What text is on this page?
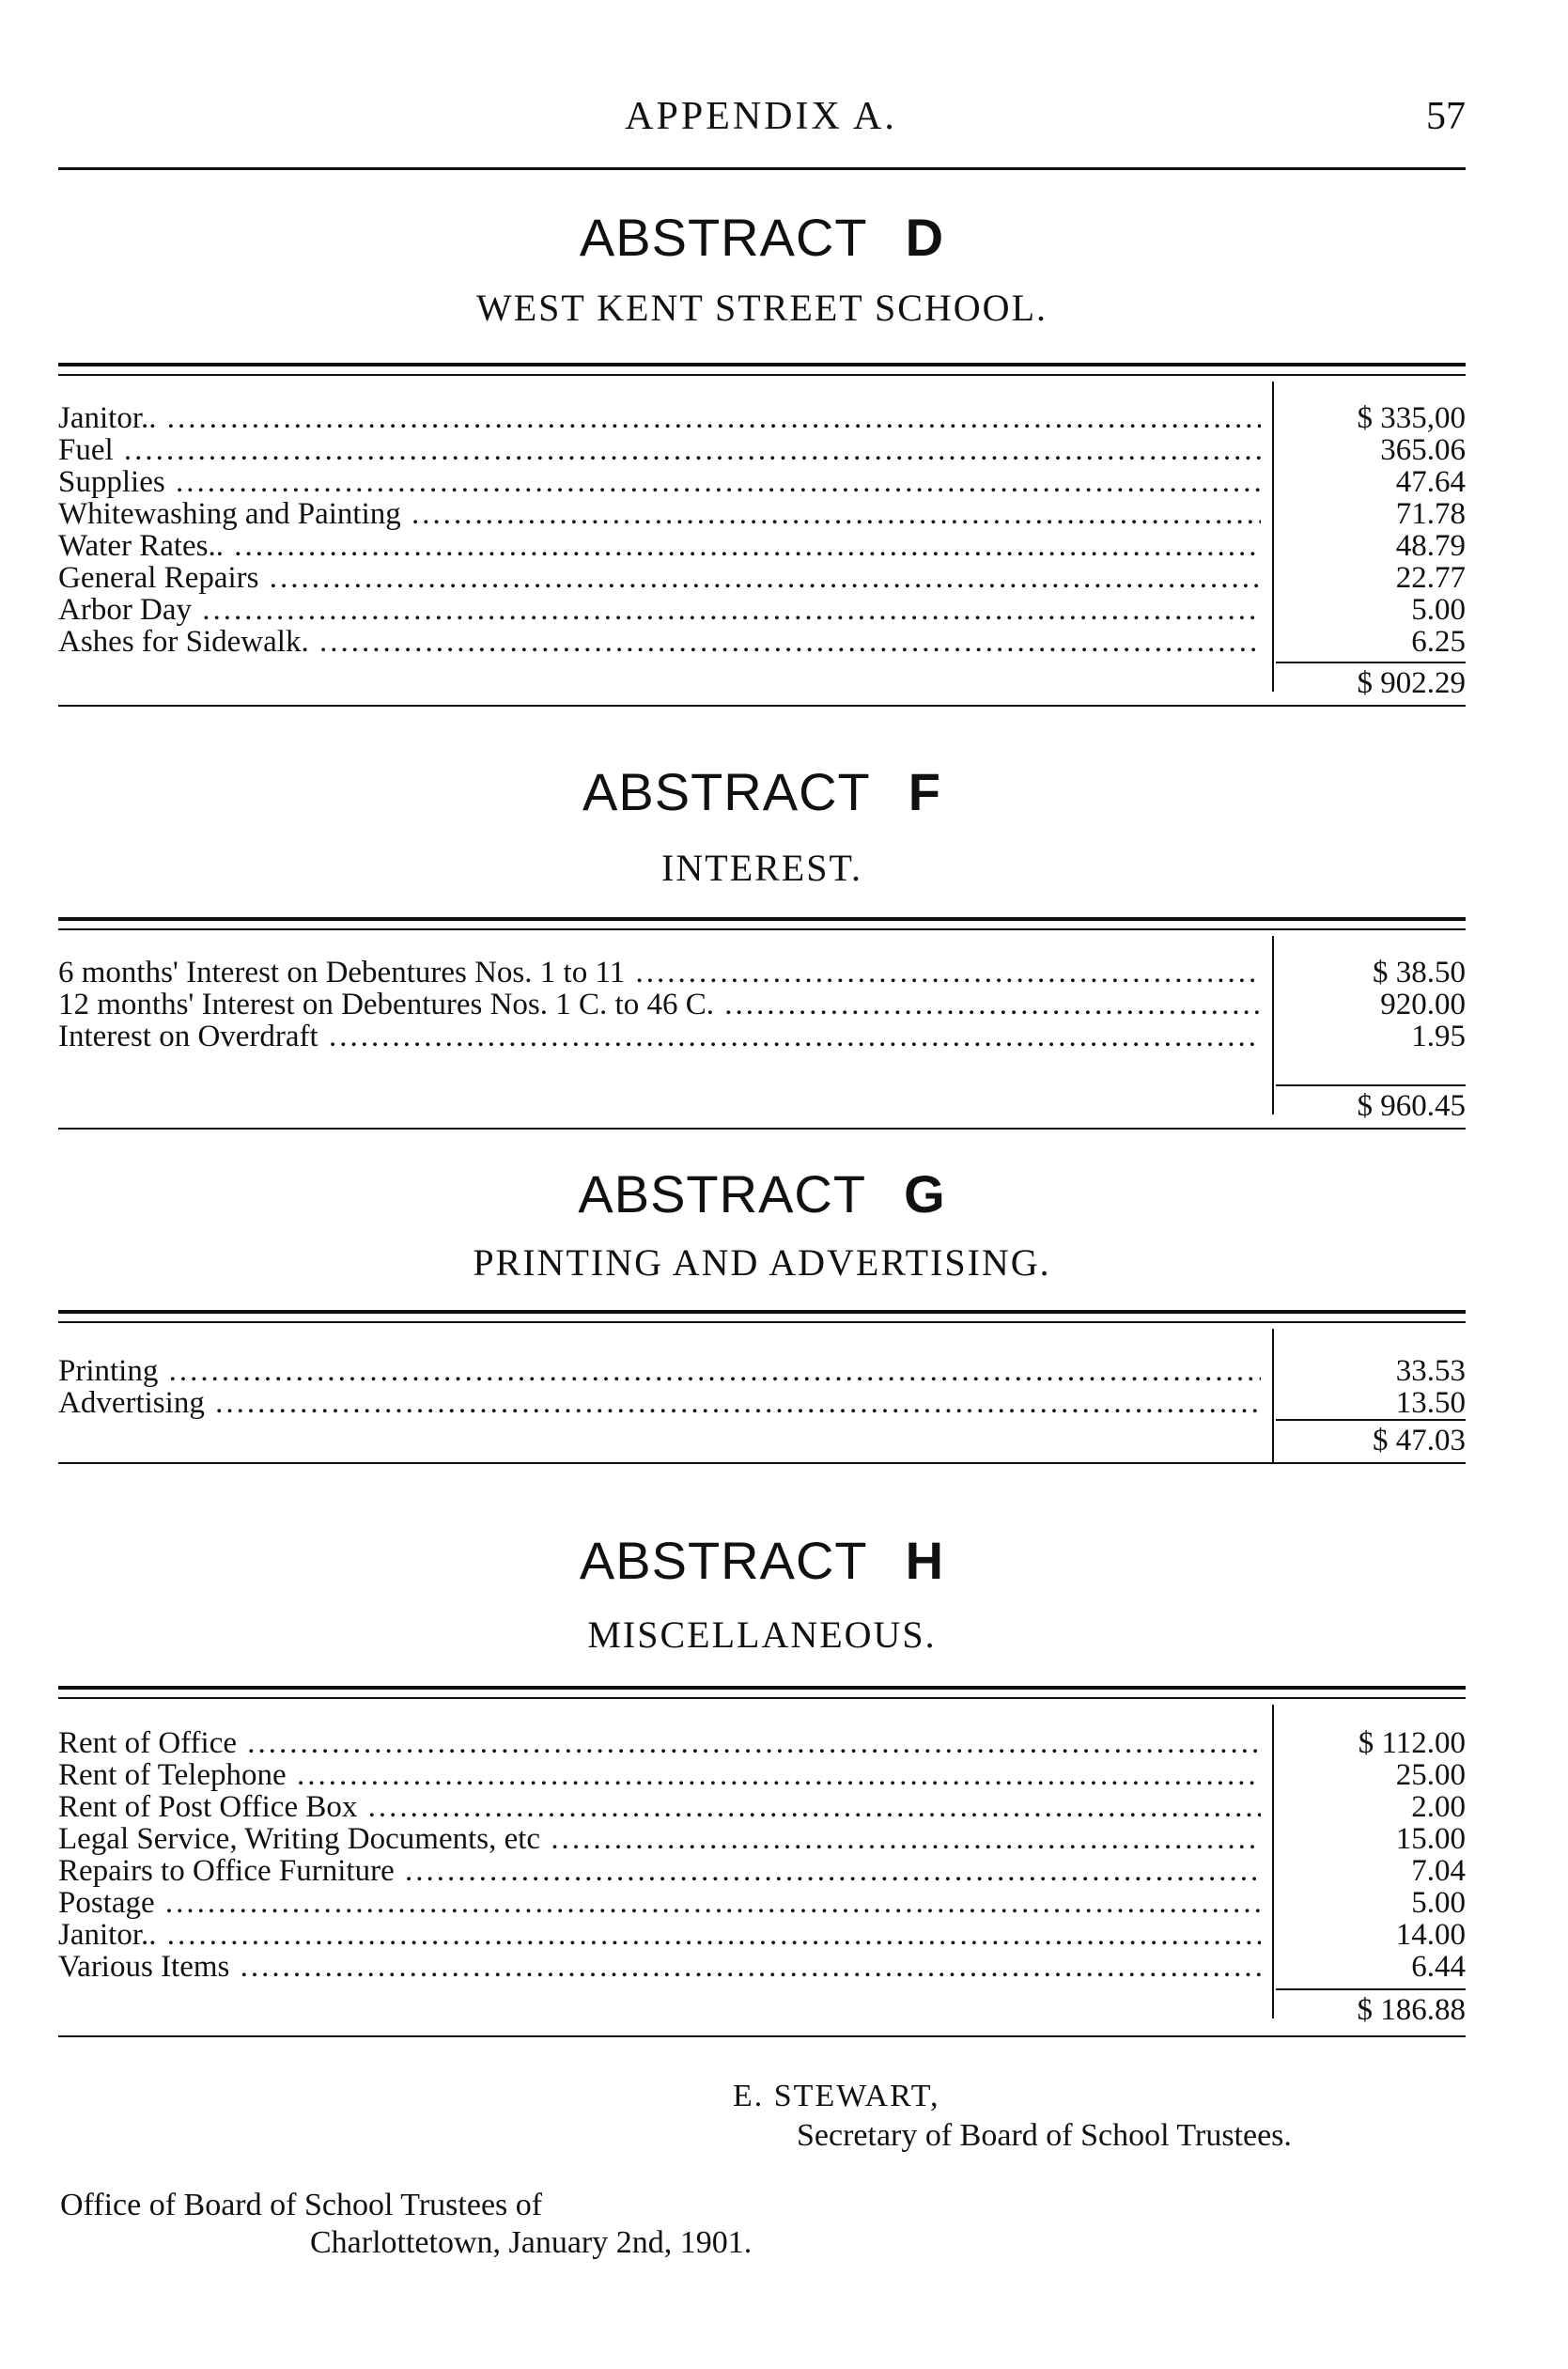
APPENDIX A.	57
ABSTRACT D
WEST KENT STREET SCHOOL.
Janitor.. .....	$ 335,00
Fuel .....	365.06
Supplies .....	47.64
Whitewashing and Painting .....	71.78
Water Rates.. .....	48.79
General Repairs .....	22.77
Arbor Day .....	5.00
Ashes for Sidewalk. .....	6.25
$ 902.29
ABSTRACT F
INTEREST.
6 months' Interest on Debentures Nos. 1 to 11 .....	$ 38.50
12 months' Interest on Debentures Nos. 1 C. to 46 C. .....	920.00
Interest on Overdraft .....	1.95
$ 960.45
ABSTRACT G
PRINTING AND ADVERTISING.
Printing .....	33.53
Advertising .....	13.50
$ 47.03
ABSTRACT H
MISCELLANEOUS.
Rent of Office .....	$ 112.00
Rent of Telephone .....	25.00
Rent of Post Office Box .....	2.00
Legal Service, Writing Documents, etc .....	15.00
Repairs to Office Furniture .....	7.04
Postage .....	5.00
Janitor.. .....	14.00
Various Items .....	6.44
$ 186.88
E. STEWART,
Secretary of Board of School Trustees.
Office of Board of School Trustees of
Charlottetown, January 2nd, 1901.
